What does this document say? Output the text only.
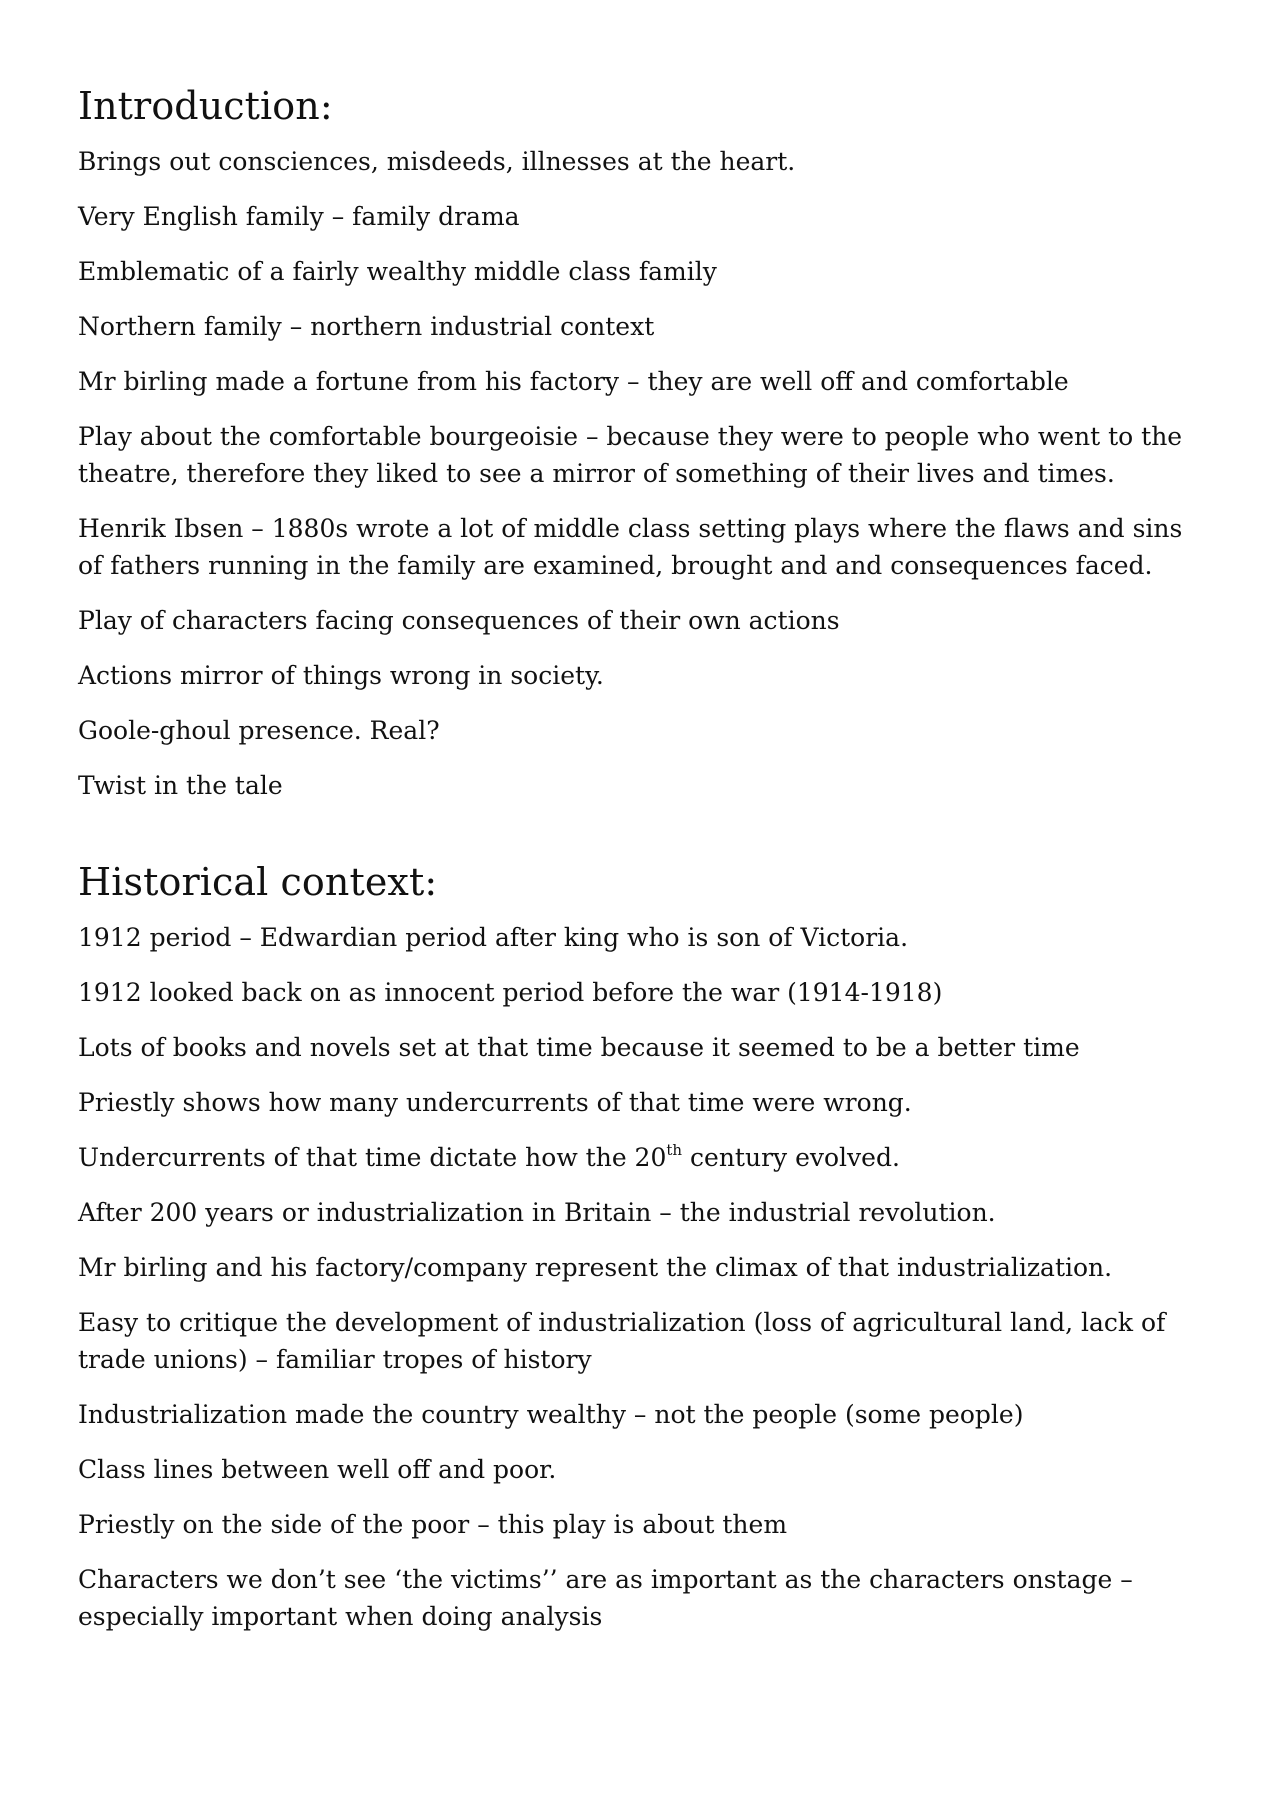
Introduction:

Brings out consciences, misdeeds, illnesses at the heart.

Very English family – family drama

Emblematic of a fairly wealthy middle class family

Northern family – northern industrial context

Mr birling made a fortune from his factory – they are well off and comfortable

Play about the comfortable bourgeoisie – because they were to people who went to the theatre, therefore they liked to see a mirror of something of their lives and times.

Henrik Ibsen – 1880s wrote a lot of middle class setting plays where the flaws and sins of fathers running in the family are examined, brought and and consequences faced.

Play of characters facing consequences of their own actions

Actions mirror of things wrong in society.

Goole-ghoul presence. Real?

Twist in the tale

Historical context:

1912 period – Edwardian period after king who is son of Victoria.

1912 looked back on as innocent period before the war (1914-1918)

Lots of books and novels set at that time because it seemed to be a better time

Priestly shows how many undercurrents of that time were wrong.

Undercurrents of that time dictate how the 20th century evolved.

After 200 years or industrialization in Britain – the industrial revolution.

Mr birling and his factory/company represent the climax of that industrialization.

Easy to critique the development of industrialization (loss of agricultural land, lack of trade unions) – familiar tropes of history

Industrialization made the country wealthy – not the people (some people)

Class lines between well off and poor.

Priestly on the side of the poor – this play is about them

Characters we don’t see ‘the victims’’ are as important as the characters onstage – especially important when doing analysis
